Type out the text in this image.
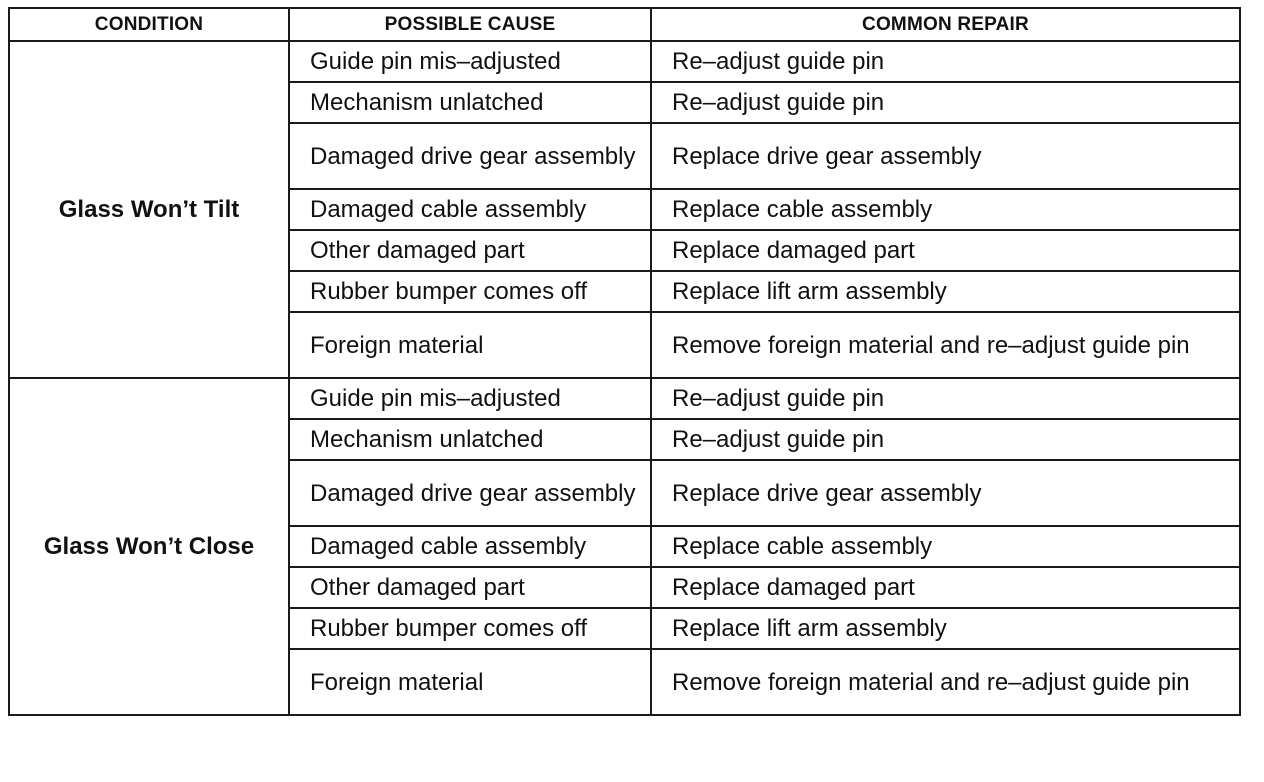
CONDITION	POSSIBLE CAUSE	COMMON REPAIR
Glass Won’t Tilt	Guide pin mis–adjusted	Re–adjust guide pin
	Mechanism unlatched	Re–adjust guide pin
	Damaged drive gear assembly	Replace drive gear assembly
	Damaged cable assembly	Replace cable assembly
	Other damaged part	Replace damaged part
	Rubber bumper comes off	Replace lift arm assembly
	Foreign material	Remove foreign material and re–adjust guide pin
Glass Won’t Close	Guide pin mis–adjusted	Re–adjust guide pin
	Mechanism unlatched	Re–adjust guide pin
	Damaged drive gear assembly	Replace drive gear assembly
	Damaged cable assembly	Replace cable assembly
	Other damaged part	Replace damaged part
	Rubber bumper comes off	Replace lift arm assembly
	Foreign material	Remove foreign material and re–adjust guide pin
